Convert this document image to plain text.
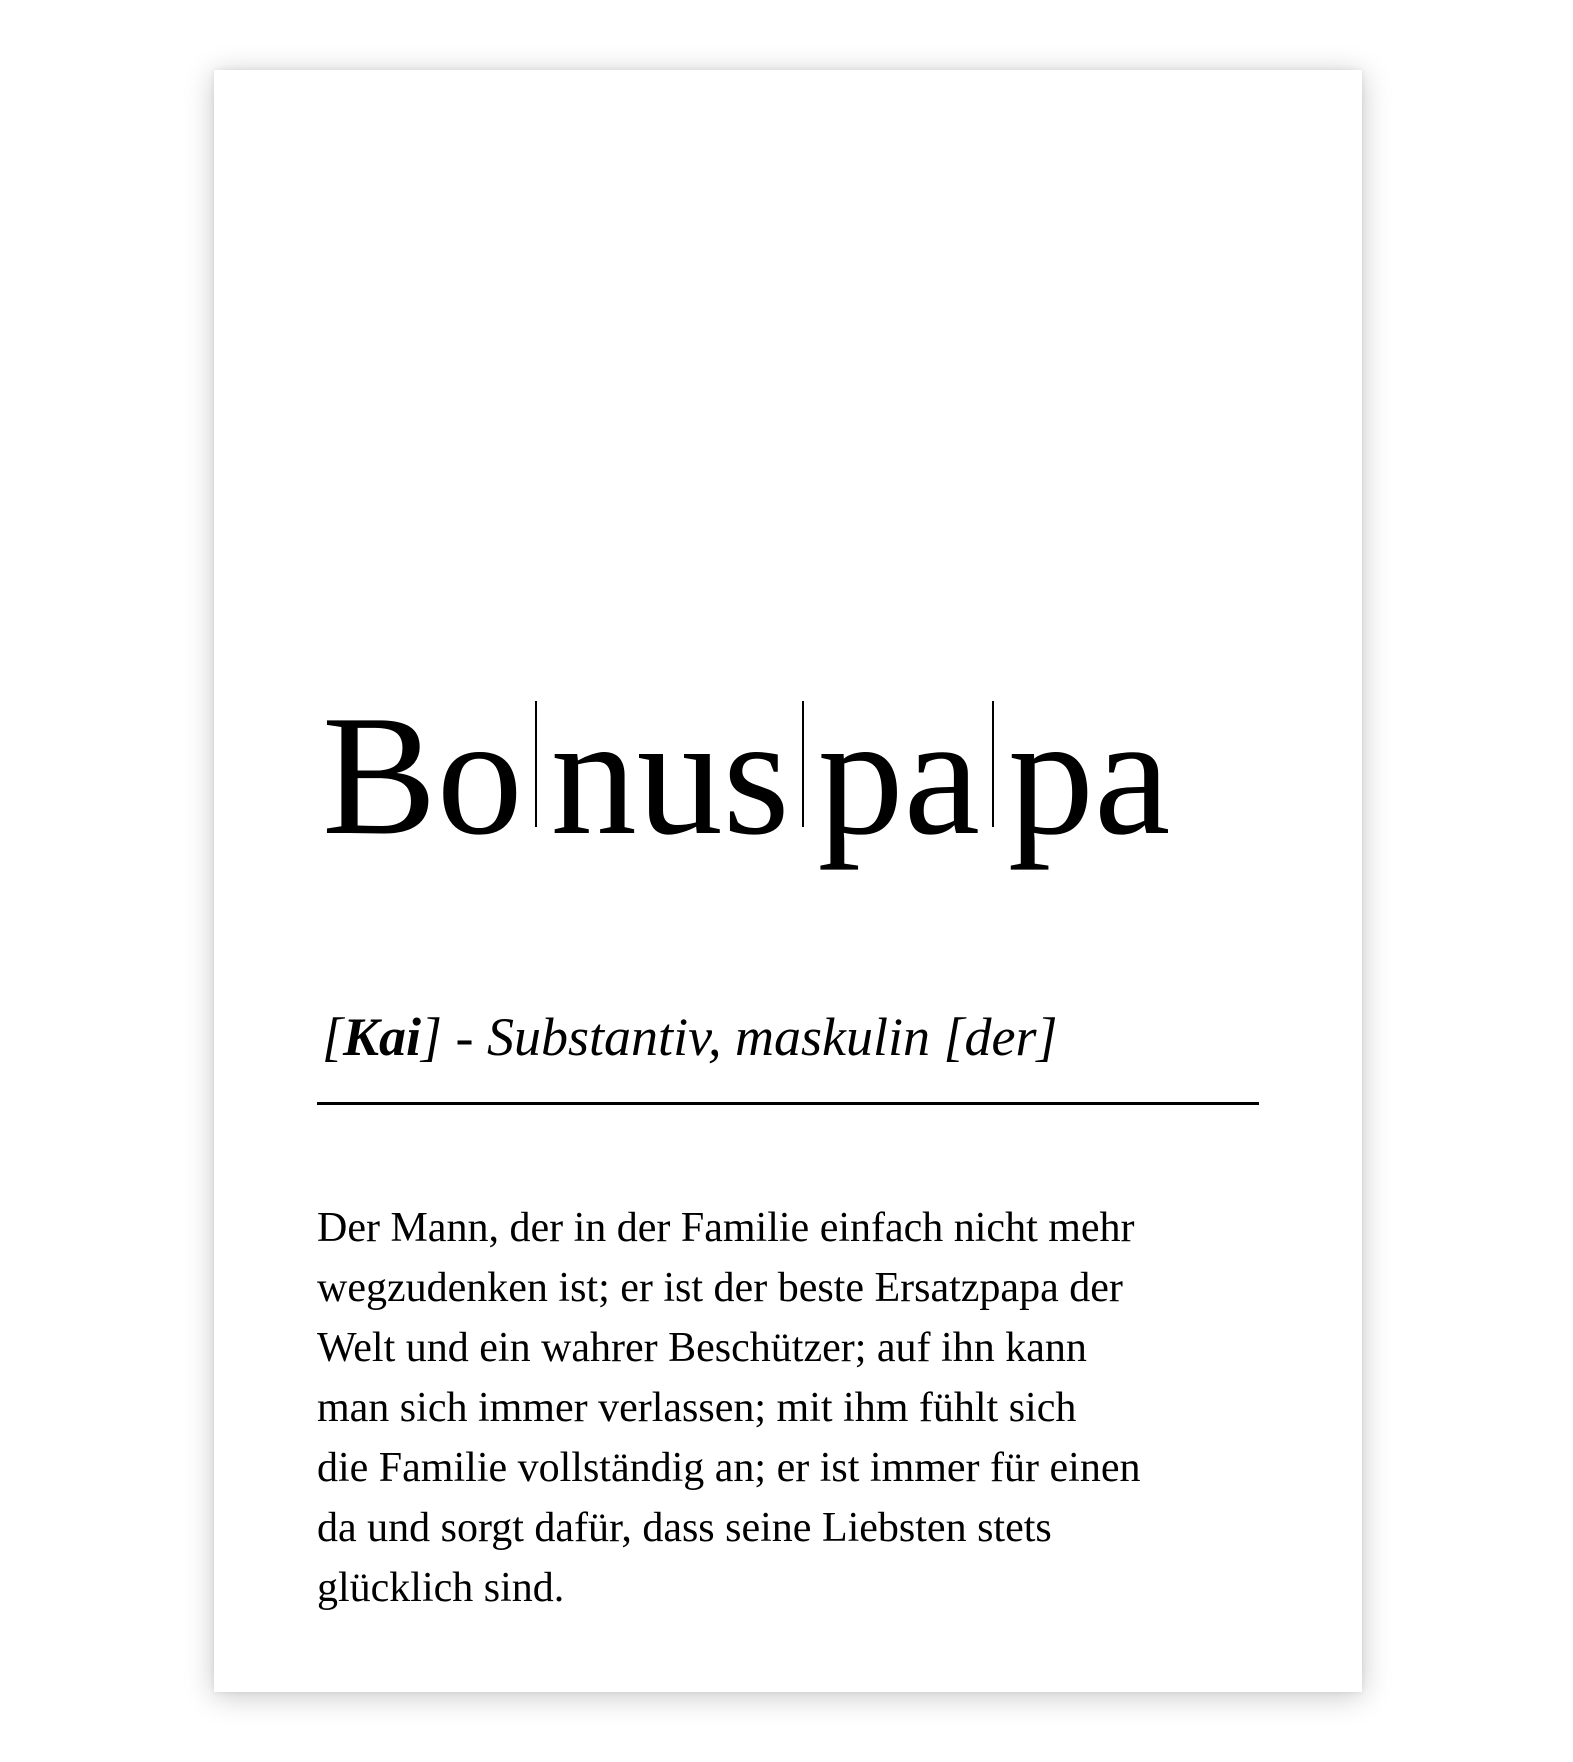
Bo nus pa pa

[Kai] - Substantiv, maskulin [der]

Der Mann, der in der Familie einfach nicht mehr
wegzudenken ist; er ist der beste Ersatzpapa der
Welt und ein wahrer Beschützer; auf ihn kann
man sich immer verlassen; mit ihm fühlt sich
die Familie vollständig an; er ist immer für einen
da und sorgt dafür, dass seine Liebsten stets
glücklich sind.
